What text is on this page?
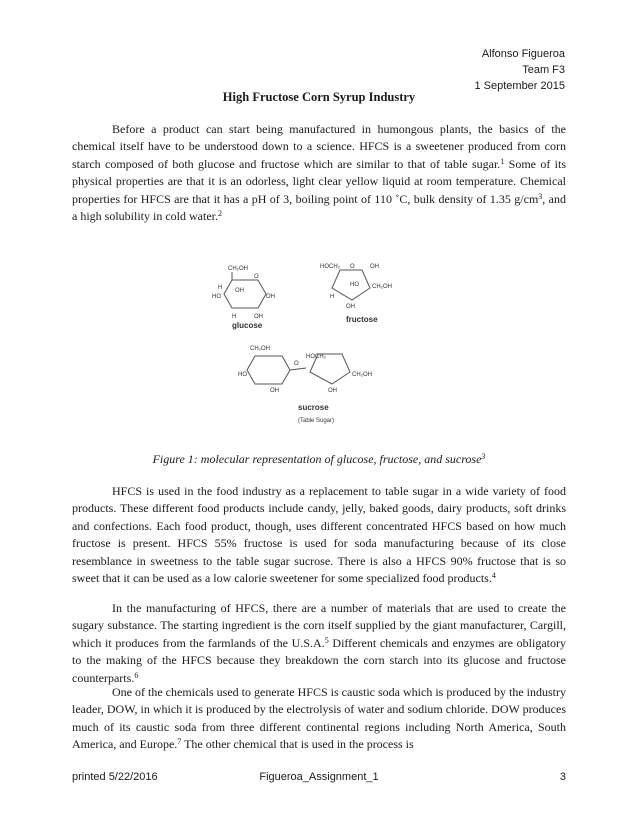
Alfonso Figueroa
Team F3
1 September 2015
High Fructose Corn Syrup Industry

Before a product can start being manufactured in humongous plants, the basics of the chemical itself have to be understood down to a science. HFCS is a sweetener produced from corn starch composed of both glucose and fructose which are similar to that of table sugar.$^1$ Some of its physical properties are that it is an odorless, light clear yellow liquid at room temperature. Chemical properties for HFCS are that it has a pH of 3, boiling point of 110 ˚C, bulk density of 1.35 $g/cm^3$, and a high solubility in cold water.$^2$

CH₂OH
O
H OH
HO	OH
H	OH
HOCH₂ O	OH
CH₂OH
H
HO
OH
CH₂OH
O
HOCH₂
HO
OH
CH₂OH
OH
glucose
fructose
sucrose
(Table Sugar)
Figure 1: molecular representation of glucose, fructose, and sucrose$^3$

HFCS is used in the food industry as a replacement to table sugar in a wide variety of food products. These different food products include candy, jelly, baked goods, dairy products, soft drinks and confections. Each food product, though, uses different concentrated HFCS based on how much fructose is present. HFCS 55% fructose is used for soda manufacturing because of its close resemblance in sweetness to the table sugar sucrose. There is also a HFCS 90% fructose that is so sweet that it can be used as a low calorie sweetener for some specialized food products.$^4$

In the manufacturing of HFCS, there are a number of materials that are used to create the sugary substance. The starting ingredient is the corn itself supplied by the giant manufacturer, Cargill, which it produces from the farmlands of the U.S.A.$^5$ Different chemicals and enzymes are obligatory to the making of the HFCS because they breakdown the corn starch into its glucose and fructose counterparts.$^6$

One of the chemicals used to generate HFCS is caustic soda which is produced by the industry leader, DOW, in which it is produced by the electrolysis of water and sodium chloride. DOW produces much of its caustic soda from three different continental regions including North America, South America, and Europe.$^7$ The other chemical that is used in the process is

printed 5/22/2016	Figueroa_Assignment_1	3
